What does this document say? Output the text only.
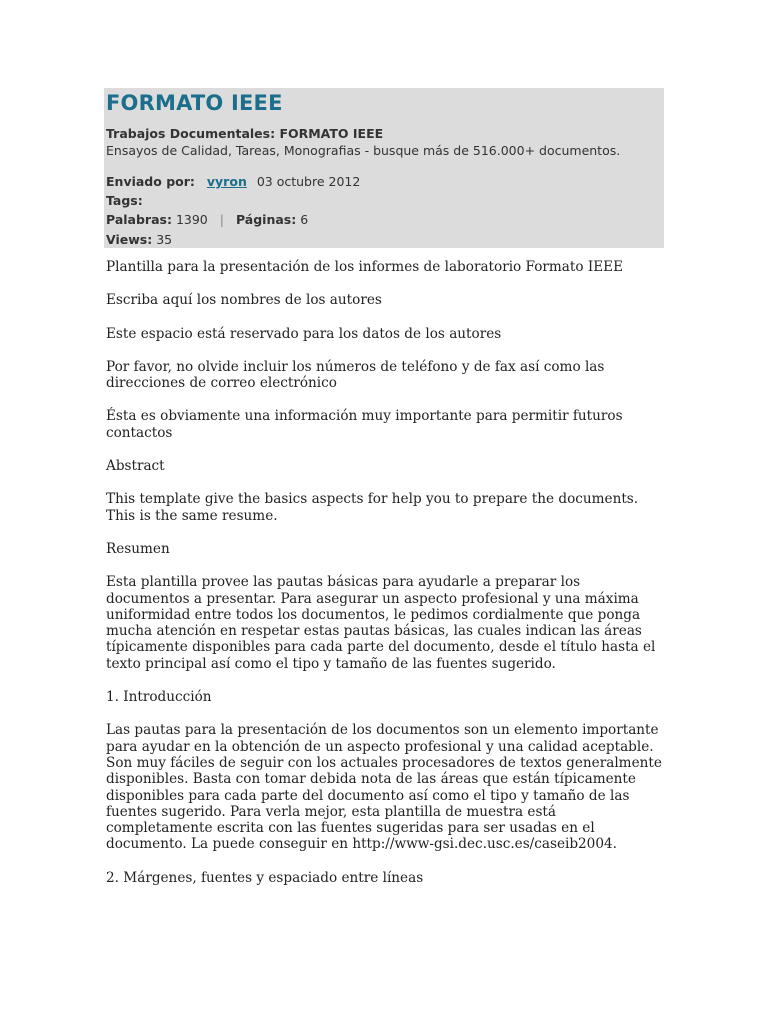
FORMATO IEEE
Trabajos Documentales: FORMATO IEEE
Ensayos de Calidad, Tareas, Monografias - busque más de 516.000+ documentos.
Enviado por: vyron 03 octubre 2012
Tags:
Palabras: 1390 | Páginas: 6
Views: 35

Plantilla para la presentación de los informes de laboratorio Formato IEEE

Escriba aquí los nombres de los autores

Este espacio está reservado para los datos de los autores

Por favor, no olvide incluir los números de teléfono y de fax así como las direcciones de correo electrónico

Ésta es obviamente una información muy importante para permitir futuros contactos

Abstract

This template give the basics aspects for help you to prepare the documents. This is the same resume.

Resumen

Esta plantilla provee las pautas básicas para ayudarle a preparar los documentos a presentar. Para asegurar un aspecto profesional y una máxima uniformidad entre todos los documentos, le pedimos cordialmente que ponga mucha atención en respetar estas pautas básicas, las cuales indican las áreas típicamente disponibles para cada parte del documento, desde el título hasta el texto principal así como el tipo y tamaño de las fuentes sugerido.

1. Introducción

Las pautas para la presentación de los documentos son un elemento importante para ayudar en la obtención de un aspecto profesional y una calidad aceptable. Son muy fáciles de seguir con los actuales procesadores de textos generalmente disponibles. Basta con tomar debida nota de las áreas que están típicamente disponibles para cada parte del documento así como el tipo y tamaño de las fuentes sugerido. Para verla mejor, esta plantilla de muestra está completamente escrita con las fuentes sugeridas para ser usadas en el documento. La puede conseguir en http://www-gsi.dec.usc.es/caseib2004.

2. Márgenes, fuentes y espaciado entre líneas
